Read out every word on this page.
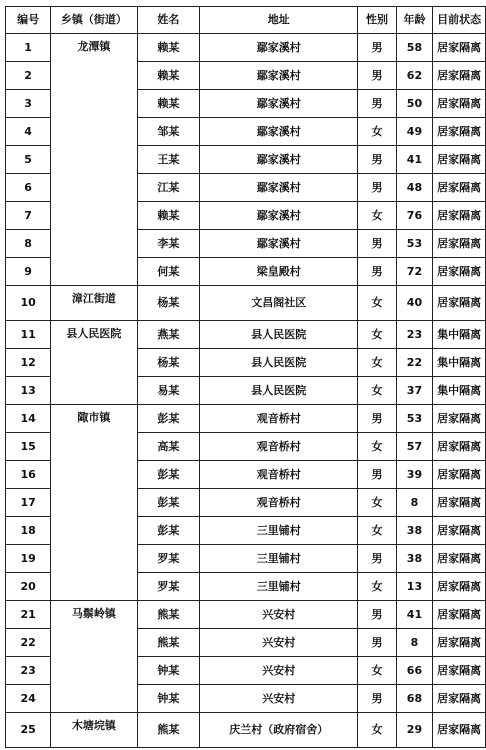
编号	乡镇（街道）	姓名	地址	性别	年龄	目前状态
1	龙潭镇	赖某	鄢家溪村	男	58	居家隔离
2		赖某	鄢家溪村	男	62	居家隔离
3		赖某	鄢家溪村	男	50	居家隔离
4		邹某	鄢家溪村	女	49	居家隔离
5		王某	鄢家溪村	男	41	居家隔离
6		江某	鄢家溪村	男	48	居家隔离
7		赖某	鄢家溪村	女	76	居家隔离
8		李某	鄢家溪村	男	53	居家隔离
9		何某	梁皇殿村	男	72	居家隔离
10	漳江街道	杨某	文昌阁社区	女	40	居家隔离
11	县人民医院	燕某	县人民医院	女	23	集中隔离
12		杨某	县人民医院	女	22	集中隔离
13		易某	县人民医院	女	37	集中隔离
14	陬市镇	彭某	观音桥村	男	53	居家隔离
15		高某	观音桥村	女	57	居家隔离
16		彭某	观音桥村	男	39	居家隔离
17		彭某	观音桥村	女	8	居家隔离
18		彭某	三里铺村	女	38	居家隔离
19		罗某	三里铺村	男	38	居家隔离
20		罗某	三里铺村	女	13	居家隔离
21	马鬃岭镇	熊某	兴安村	男	41	居家隔离
22		熊某	兴安村	男	8	居家隔离
23		钟某	兴安村	女	66	居家隔离
24		钟某	兴安村	男	68	居家隔离
25	木塘垸镇	熊某	庆兰村（政府宿舍）	女	29	居家隔离
